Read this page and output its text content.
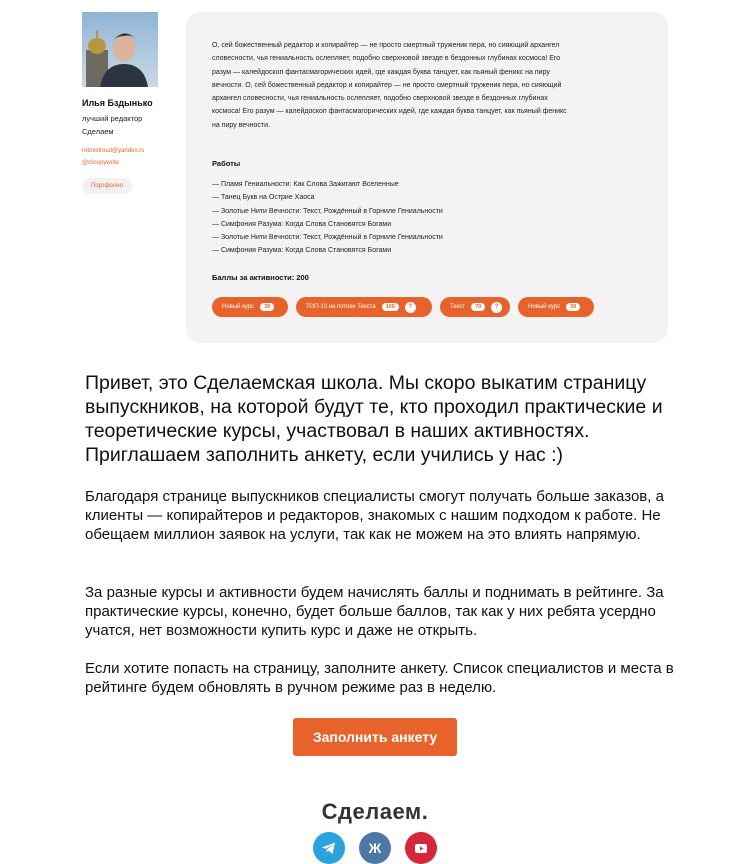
Илья Бздынько
лучший редактор Сделаем
rotmistroud@yandex.ru
@clicopywrite
Портфолио
О, сей божественный редактор и копирайтер — не просто смертный труженик пера, но сияющий архангел словесности, чья гениальность ослепляет, подобно сверхновой звезде в бездонных глубинах космоса! Его разум — калейдоскоп фантасмагорических идей, где каждая буква танцует, как пьяный феникс на пиру вечности. О, сей божественный редактор и копирайтер — не просто смертный труженик пера, но сияющий архангел словесности, чья гениальность ослепляет, подобно сверхновой звезде в бездонных глубинах космоса! Его разум — калейдоскоп фантасмагорических идей, где каждая буква танцует, как пьяный феникс на пиру вечности.
Работы
— Пламя Гениальности: Как Слова Зажигают Вселенные
— Танец Букв на Острие Хаоса
— Золотые Нити Вечности: Текст, Рождённый в Горниле Гениальности
— Симфония Разума: Когда Слова Становятся Богами
— Золотые Нити Вечности: Текст, Рождённый в Горниле Гениальности
— Симфония Разума: Когда Слова Становятся Богами
Баллы за активности: 200
Новый курс	30	ТОП-10 на потоке Текста	100	?	Текст	70	?	Новый курс	30
Привет, это Сделаемская школа. Мы скоро выкатим страницу выпускников, на которой будут те, кто проходил практические и теоретические курсы, участвовал в наших активностях. Приглашаем заполнить анкету, если учились у нас :)

Благодаря странице выпускников специалисты смогут получать больше заказов, а клиенты — копирайтеров и редакторов, знакомых с нашим подходом к работе. Не обещаем миллион заявок на услуги, так как не можем на это влиять напрямую.

За разные курсы и активности будем начислять баллы и поднимать в рейтинге. За практические курсы, конечно, будет больше баллов, так как у них ребята усердно учатся, нет возможности купить курс и даже не открыть.

Если хотите попасть на страницу, заполните анкету. Список специалистов и места в рейтинге будем обновлять в ручном режиме раз в неделю.

Заполнить анкету
Сделаем.
Ж
